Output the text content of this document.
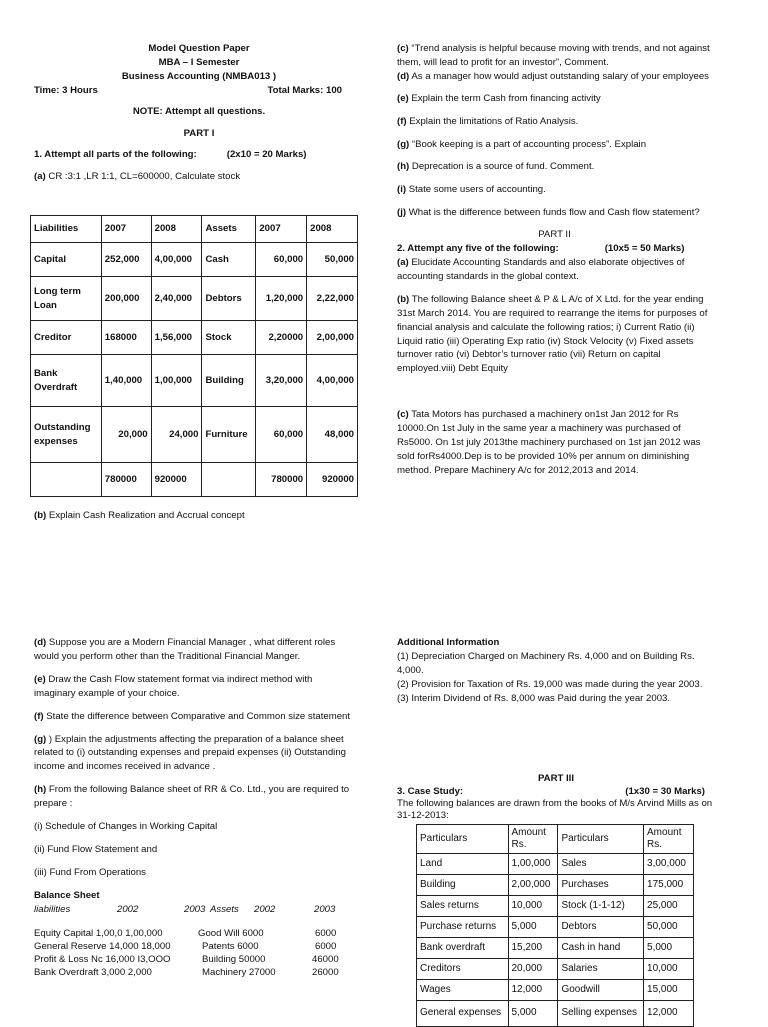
Model Question Paper
MBA – I Semester
Business Accounting (NMBA013 )
Time: 3 Hours	Total Marks: 100
NOTE: Attempt all questions.
PART I
1. Attempt all parts of the following:	(2x10 = 20 Marks)
(a) CR :3:1 ,LR 1:1, CL=600000, Calculate stock
Liabilities	2007	2008	Assets	2007	2008
Capital	252,000	4,00,000	Cash	60,000	50,000
Long term Loan	200,000	2,40,000	Debtors	1,20,000	2,22,000
Creditor	168000	1,56,000	Stock	2,20000	2,00,000
Bank Overdraft	1,40,000	1,00,000	Building	3,20,000	4,00,000
Outstanding expenses	20,000	24,000	Furniture	60,000	48,000
	780000	920000		780000	920000
(b) Explain Cash Realization and Accrual concept
(c) “Trend analysis is helpful because moving with trends, and not against them, will lead to profit for an investor”, Comment.
(d) As a manager how would adjust outstanding salary of your employees
(e) Explain the term Cash from financing activity
(f) Explain the limitations of Ratio Analysis.
(g) “Book keeping is a part of accounting process”. Explain
(h) Deprecation is a source of fund. Comment.
(i) State some users of accounting.
(j) What is the difference between funds flow and Cash flow statement?
PART II
2. Attempt any five of the following:	(10x5 = 50 Marks)
(a) Elucidate Accounting Standards and also elaborate objectives of accounting standards in the global context.
(b) The following Balance sheet & P & L A/c of X Ltd. for the year ending 31st March 2014. You are required to rearrange the items for purposes of financial analysis and calculate the following ratios; i) Current Ratio (ii) Liquid ratio (iii) Operating Exp ratio (iv) Stock Velocity (v) Fixed assets turnover ratio (vi) Debtor’s turnover ratio (vii) Return on capital employed.viii) Debt Equity
(c) Tata Motors has purchased a machinery on1st Jan 2012 for Rs 10000.On 1st July in the same year a machinery was purchased of Rs5000. On 1st july 2013the machinery purchased on 1st jan 2012 was sold forRs4000.Dep is to be provided 10% per annum on diminishing method. Prepare Machinery A/c for 2012,2013 and 2014.
(d) Suppose you are a Modern Financial Manager , what different roles would you perform other than the Traditional Financial Manger.
(e) Draw the Cash Flow statement format via indirect method with imaginary example of your choice.
(f) State the difference between Comparative and Common size statement
(g) ) Explain the adjustments affecting the preparation of a balance sheet related to (i) outstanding expenses and prepaid expenses (ii) Outstanding income and incomes received in advance .
(h) From the following Balance sheet of RR & Co. Ltd., you are required to prepare :
(i) Schedule of Changes in Working Capital
(ii) Fund Flow Statement and
(iii) Fund From Operations
Balance Sheet
liabilities	2002	2003 Assets 2002	2003
Equity Capital 1,00,0 1,00,000	Good Will 6000	6000
General Reserve 14,000 18,000	Patents 6000	6000
Profit & Loss Nc 16,000 I3,OOO	Building 50000	46000
Bank Overdraft 3,000 2,000	Machinery 27000	26000
Additional Information
(1) Depreciation Charged on Machinery Rs. 4,000 and on Building Rs. 4,000.
(2) Provision for Taxation of Rs. 19,000 was made during the year 2003.
(3) Interim Dividend of Rs. 8,000 was Paid during the year 2003.
PART III
3. Case Study:	(1x30 = 30 Marks)
The following balances are drawn from the books of M/s Arvind Mills as on 31-12-2013:
Particulars	Amount Rs.	Particulars	Amount Rs.
Land	1,00,000	Sales	3,00,000
Building	2,00,000	Purchases	175,000
Sales returns	10,000	Stock (1-1-12)	25,000
Purchase returns	5,000	Debtors	50,000
Bank overdraft	15,200	Cash in hand	5,000
Creditors	20,000	Salaries	10,000
Wages	12,000	Goodwill	15,000
General expenses	5,000	Selling expenses	12,000
